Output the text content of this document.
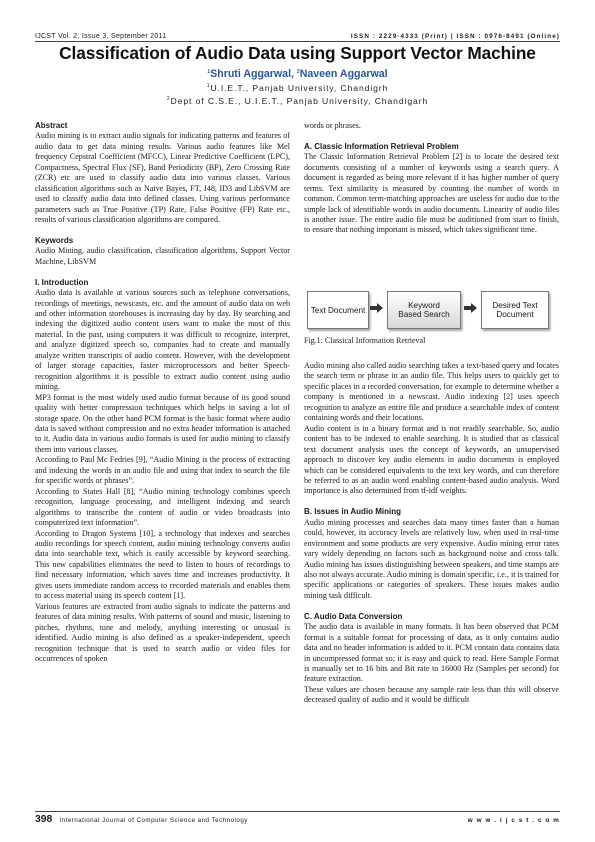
IJCST Vol. 2, Issue 3, September 2011	ISSN : 2229-4333 (Print) | ISSN : 0976-8491 (Online)
Classification of Audio Data using Support Vector Machine
$^1$Shruti Aggarwal, $^2$Naveen Aggarwal
$^1$U.I.E.T., Panjab University, Chandigrh
$^2$Dept of C.S.E., U.I.E.T., Panjab University, Chandigarh

Abstract

Audio mining is to extract audio signals for indicating patterns and features of audio data to get data mining results. Various audio features like Mel frequency Cepstral Coefficient (MFCC), Linear Predictive Coefficient (LPC), Compactness, Spectral Flux (SF), Band Periodicity (BP), Zero Crossing Rate (ZCR) etc are used to classify audio data into various classes. Various classification algorithms such as Naive Bayes, FT, J48, ID3 and LibSVM are used to classify audio data into defined classes. Using various performance parameters such as True Positive (TP) Rate, False Positive (FP) Rate etc., results of various classification algorithms are compared.

Keywords

Audio Mining, audio classification, classification algorithms, Support Vector Machine, LibSVM

I. Introduction

Audio data is available at various sources such as telephone conversations, recordings of meetings, newscasts, etc. and the amount of audio data on web and other information storehouses is increasing day by day. By searching and indexing the digitized audio content users want to make the most of this material. In the past, using computers it was difficult to recognize, interpret, and analyze digitized speech so, companies had to create and manually analyze written transcripts of audio content. However, with the development of larger storage capacities, faster microprocessors and better Speech-recognition algorithms it is possible to extract audio content using audio mining.

MP3 format is the most widely used audio format because of its good sound quality with better compression techniques which helps in saving a lot of storage space. On the other hand PCM format is the basic format where audio data is saved without compression and no extra header information is attached to it. Audio data in various audio formats is used for audio mining to classify them into various classes.

According to Paul Mc Fedries [9], “Audio Mining is the process of extracting and indexing the words in an audio file and using that index to search the file for specific words or phrases”.

According to States Hall [8], “Audio mining technology combines speech recognition, language processing, and intelligent indexing and search algorithms to transcribe the content of audio or video broadcasts into computerized text information”.

According to Dragon Systems [10], a technology that indexes and searches audio recordings for speech content, audio mining technology converts audio data into searchable text, which is easily accessible by keyword searching. This new capabilities eliminates the need to listen to hours of recordings to find necessary information, which saves time and increases productivity. It gives users immediate random access to recorded materials and enables them to access material using its speech content [1].

Various features are extracted from audio signals to indicate the patterns and features of data mining results. With patterns of sound and music, listening to pitches, rhythms, tune and melody, anything interesting or unusual is identified. Audio mining is also defined as a speaker-independent, speech recognition technique that is used to search audio or video files for occurrences of spoken

words or phrases.

A. Classic Information Retrieval Problem

The Classic Information Retrieval Problem [2] is to locate the desired text documents consisting of a number of keywords using a search query. A document is regarded as being more relevant if it has higher number of query terms. Text similarity is measured by counting the number of words in common. Common term-matching approaches are useless for audio due to the simple lack of identifiable words in audio documents. Linearity of audio files is another issue. The entire audio file must be auditioned from start to finish, to ensure that nothing important is missed, which takes significant time.

Text Document	Keyword
Based Search
Desired Text
Document
Fig.1: Classical Information Retrieval

Audio mining also called audio searching takes a text-based query and locates the search term or phrase in an audio file. This helps users to quickly get to specific places in a recorded conversation, for example to determine whether a company is mentioned in a newscast. Audio indexing [2] uses speech recognition to analyze an entire file and produce a searchable index of content containing words and their locations.

Audio content is in a binary format and is not readily searchable. So, audio content has to be indexed to enable searching. It is studied that as classical text document analysis uses the concept of keywords, an unsupervised approach to discover key audio elements in audio documents is employed which can be considered equivalents to the text key words, and can therefore be referred to as an audio word enabling content-based audio analysis. Word importance is also determined from tf-idf weights.

B. Issues in Audio Mining

Audio mining processes and searches data many times faster than a human could, however, its accuracy levels are relatively low, when used in real-time environment and some products are very expensive. Audio mining error rates vary widely depending on factors such as background noise and cross talk. Audio mining has issues distinguishing between speakers, and time stamps are also not always accurate. Audio mining is domain specific, i.e., it is trained for specific applications or categories of speakers. These issues makes audio mining task difficult.

C. Audio Data Conversion

The audio data is available in many formats. It has been observed that PCM format is a suitable format for processing of data, as it only contains audio data and no header information is added to it. PCM contain data contains data in uncompressed format so; it is easy and quick to read. Here Sample Format is manually set to 16 bits and Bit rate to 16000 Hz (Samples per second) for feature extraction.

These values are chosen because any sample rate less than this will observe decreased quality of audio and it would be difficult

398 International Journal of Computer Science and Technology	w w w . i j c s t . c o m
